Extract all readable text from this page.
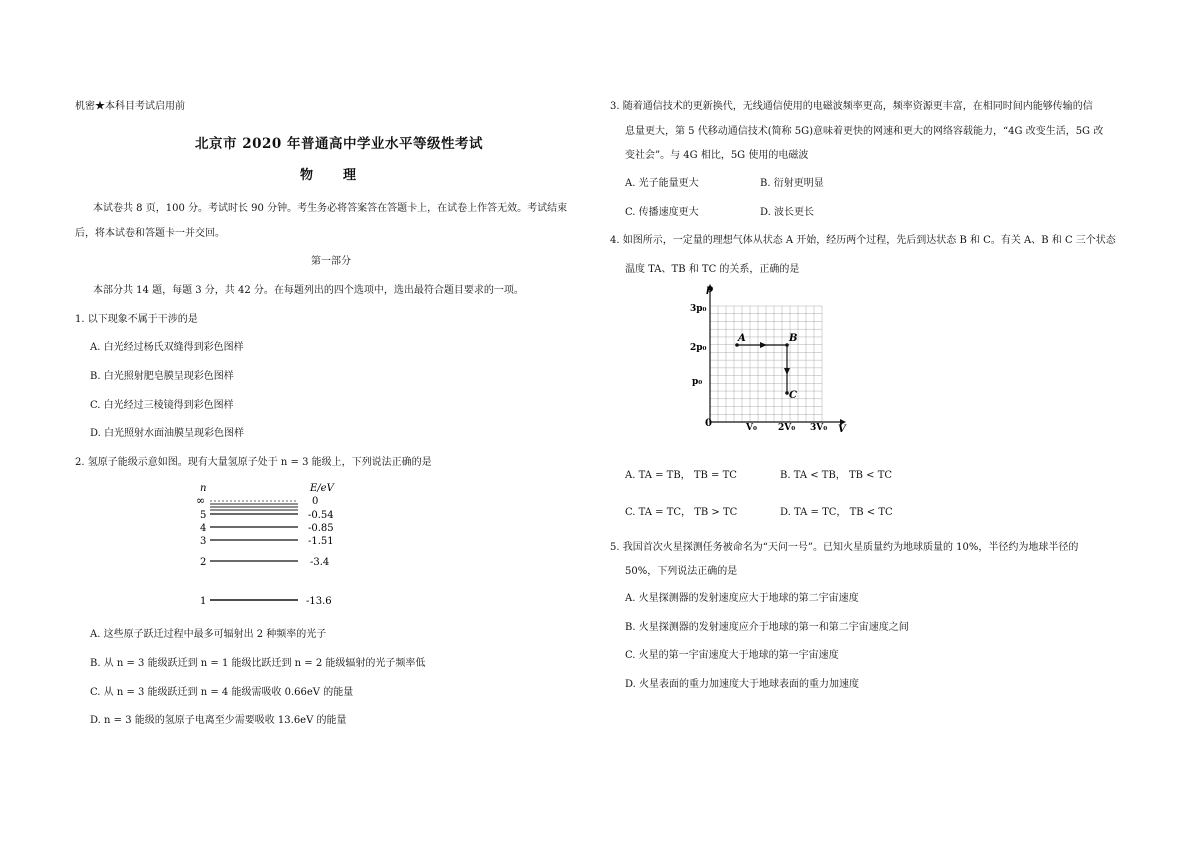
机密★本科目考试启用前
北京市 2020 年普通高中学业水平等级性考试
物理
本试卷共 8 页，100 分。考试时长 90 分钟。考生务必将答案答在答题卡上，在试卷上作答无效。考试结束
后，将本试卷和答题卡一并交回。
第一部分
本部分共 14 题，每题 3 分，共 42 分。在每题列出的四个选项中，选出最符合题目要求的一项。
1. 以下现象不属于干涉的是
A. 白光经过杨氏双缝得到彩色图样
B. 白光照射肥皂膜呈现彩色图样
C. 白光经过三棱镜得到彩色图样
D. 白光照射水面油膜呈现彩色图样
2. 氢原子能级示意如图。现有大量氢原子处于 n = 3 能级上，下列说法正确的是
n	E/eV
∞	0
5	-0.54
4	-0.85
3	-1.51
2	-3.4
1	-13.6
A. 这些原子跃迁过程中最多可辐射出 2 种频率的光子
B. 从 n = 3 能级跃迁到 n = 1 能级比跃迁到 n = 2 能级辐射的光子频率低
C. 从 n = 3 能级跃迁到 n = 4 能级需吸收 0.66eV 的能量
D. n = 3 能级的氢原子电离至少需要吸收 13.6eV 的能量
3. 随着通信技术的更新换代，无线通信使用的电磁波频率更高，频率资源更丰富，在相同时间内能够传输的信
息量更大，第 5 代移动通信技术(简称 5G)意味着更快的网速和更大的网络容载能力，“4G 改变生活，5G 改
变社会”。与 4G 相比，5G 使用的电磁波
A. 光子能量更大	B. 衍射更明显
C. 传播速度更大	D. 波长更长
4. 如图所示，一定量的理想气体从状态 A 开始，经历两个过程，先后到达状态 B 和 C。有关 A、B 和 C 三个状态
温度 TA、TB 和 TC 的关系，正确的是
p
V
0
3p₀
2p₀
p₀
V₀ 2V₀ 3V₀
A	B
C
A. TA = TB， TB = TC	B. TA < TB， TB < TC
C. TA = TC， TB > TC	D. TA = TC， TB < TC
5. 我国首次火星探测任务被命名为“天问一号”。已知火星质量约为地球质量的 10%，半径约为地球半径的
50%，下列说法正确的是
A. 火星探测器的发射速度应大于地球的第二宇宙速度
B. 火星探测器的发射速度应介于地球的第一和第二宇宙速度之间
C. 火星的第一宇宙速度大于地球的第一宇宙速度
D. 火星表面的重力加速度大于地球表面的重力加速度
